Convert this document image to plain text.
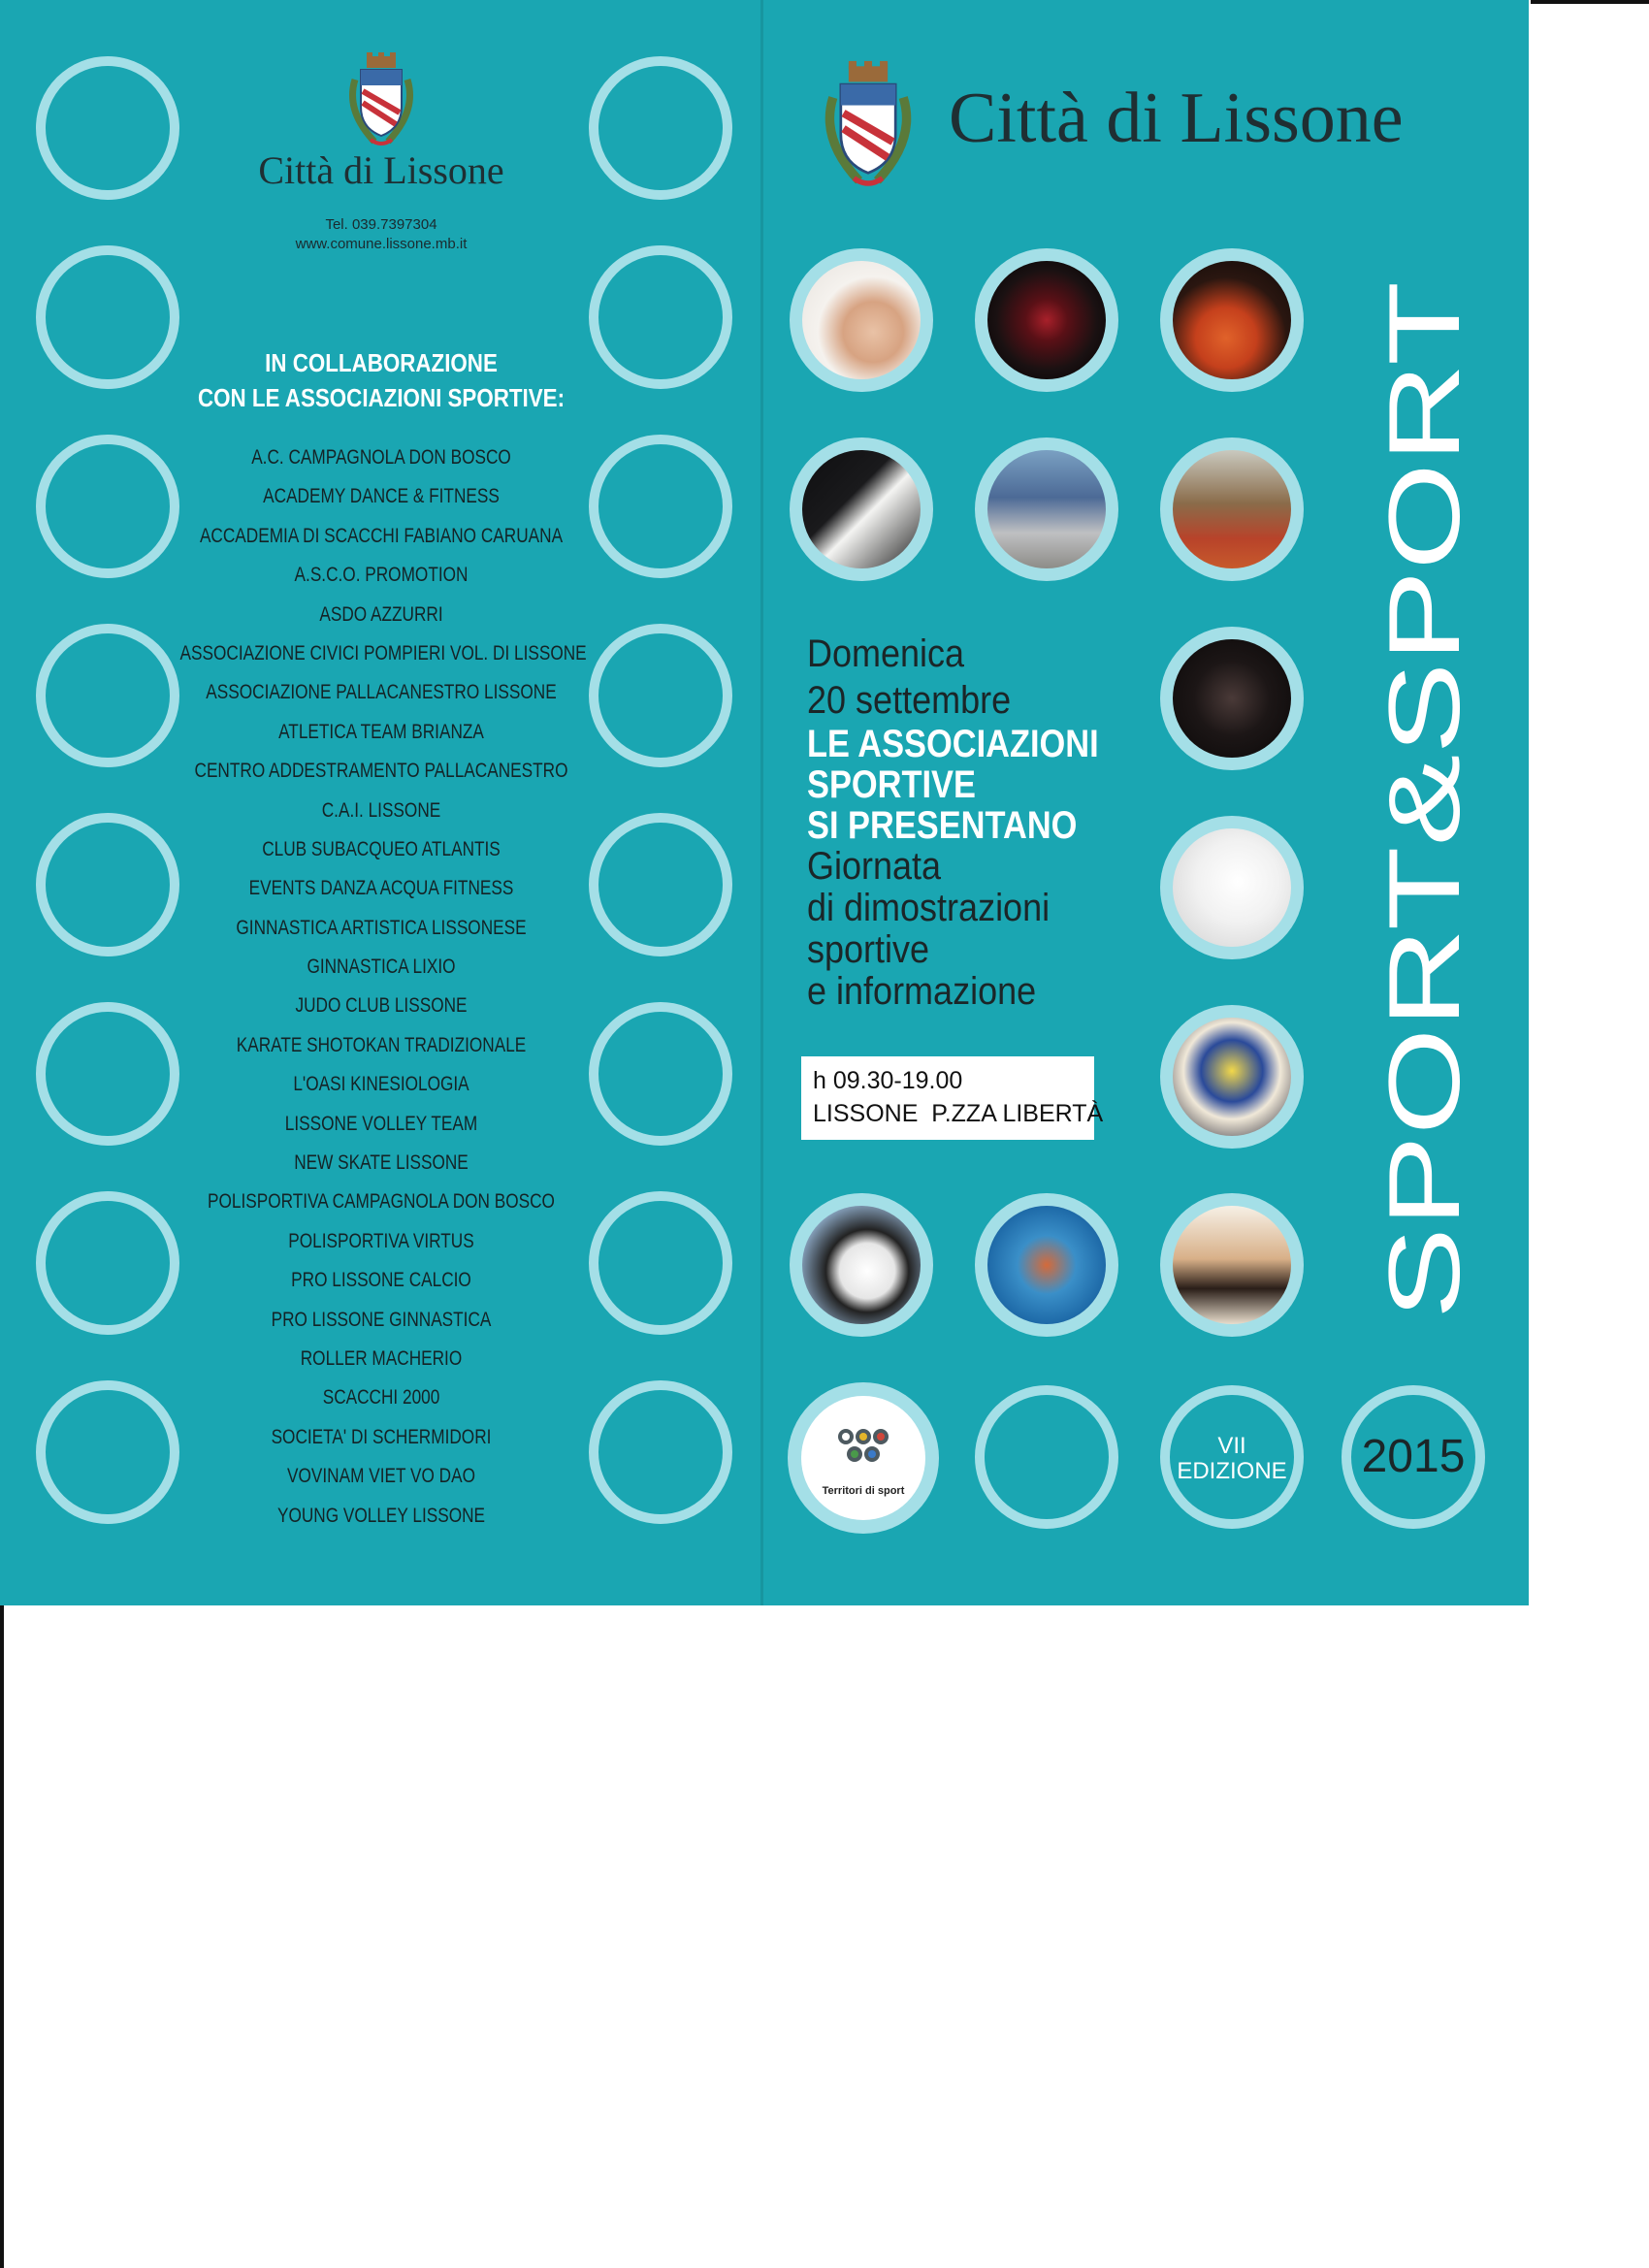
Città di Lissone
Tel. 039.7397304
www.comune.lissone.mb.it
IN COLLABORAZIONE
CON LE ASSOCIAZIONI SPORTIVE:
A.C. CAMPAGNOLA DON BOSCO
ACADEMY DANCE & FITNESS
ACCADEMIA DI SCACCHI FABIANO CARUANA
A.S.C.O. PROMOTION
ASDO AZZURRI
ASSOCIAZIONE CIVICI POMPIERI VOL. DI LISSONE
ASSOCIAZIONE PALLACANESTRO LISSONE
ATLETICA TEAM BRIANZA
CENTRO ADDESTRAMENTO PALLACANESTRO
C.A.I. LISSONE
CLUB SUBACQUEO ATLANTIS
EVENTS DANZA ACQUA FITNESS
GINNASTICA ARTISTICA LISSONESE
GINNASTICA LIXIO
JUDO CLUB LISSONE
KARATE SHOTOKAN TRADIZIONALE
L'OASI KINESIOLOGIA
LISSONE VOLLEY TEAM
NEW SKATE LISSONE
POLISPORTIVA CAMPAGNOLA DON BOSCO
POLISPORTIVA VIRTUS
PRO LISSONE CALCIO
PRO LISSONE GINNASTICA
ROLLER MACHERIO
SCACCHI 2000
SOCIETA' DI SCHERMIDORI
VOVINAM VIET VO DAO
YOUNG VOLLEY LISSONE
Città di Lissone
Domenica
20 settembre
LE ASSOCIAZIONI
SPORTIVE
SI PRESENTANO
Giornata
di dimostrazioni
sportive
e informazione
h 09.30-19.00
LISSONE  P.ZZA LIBERTÀ	SPORT&SPORT
Territori di sport
VII
EDIZIONE	2015
